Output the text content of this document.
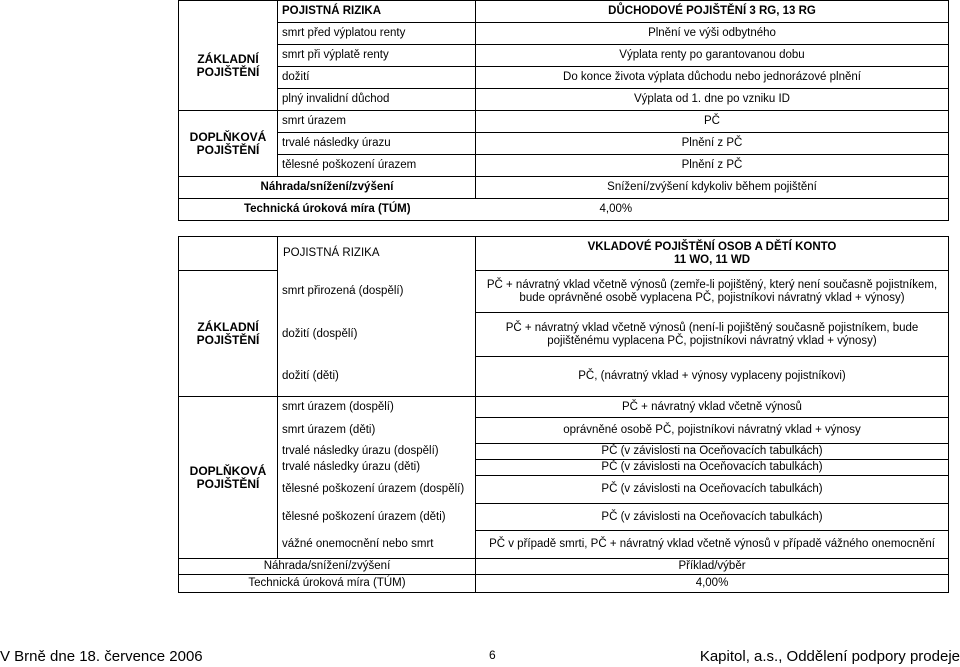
	POJISTNÁ RIZIKA	DŮCHODOVÉ POJIŠTĚNÍ 3 RG, 13 RG
ZÁKLADNÍ POJIŠTĚNÍ	smrt před výplatou renty	Plnění ve výši odbytného
	smrt při výplatě renty	Výplata renty po garantovanou dobu
	dožití	Do konce života výplata důchodu nebo jednorázové plnění
	plný invalidní důchod	Výplata od 1. dne po vzniku ID
DOPLŇKOVÁ POJIŠTĚNÍ	smrt úrazem	PČ
	trvalé následky úrazu	Plnění z PČ
	tělesné poškození úrazem	Plnění z PČ
Náhrada/snížení/zvýšení		Snížení/zvýšení kdykoliv během pojištění
Technická úroková míra (TÚM)		4,00%
	POJISTNÁ RIZIKA	VKLADOVÉ POJIŠTĚNÍ OSOB A DĚTÍ KONTO
11 WO, 11 WD

ZÁKLADNÍ POJIŠTĚNÍ	smrt přirozená (dospělí)	PČ + návratný vklad včetně výnosů (zemře-li pojištěný, který není současně pojistníkem, bude oprávněné osobě vyplacena PČ, pojistníkovi návratný vklad + výnosy)
	dožití (dospělí)	PČ + návratný vklad včetně výnosů (není-li pojištěný současně pojistníkem, bude pojištěnému vyplacena PČ, pojistníkovi návratný vklad + výnosy)
	dožití (děti)	PČ, (návratný vklad + výnosy vyplaceny pojistníkovi)
DOPLŇKOVÁ POJIŠTĚNÍ	smrt úrazem (dospělí)	PČ + návratný vklad včetně výnosů
	smrt úrazem (děti)	oprávněné osobě PČ, pojistníkovi návratný vklad + výnosy
	trvalé následky úrazu (dospělí)	PČ (v závislosti na Oceňovacích tabulkách)
	trvalé následky úrazu (děti)	PČ (v závislosti na Oceňovacích tabulkách)
	tělesné poškození úrazem (dospělí)	PČ (v závislosti na Oceňovacích tabulkách)
	tělesné poškození úrazem (děti)	PČ (v závislosti na Oceňovacích tabulkách)
	vážné onemocnění nebo smrt	PČ v případě smrti, PČ + návratný vklad včetně výnosů v případě vážného onemocnění
Náhrada/snížení/zvýšení		Příklad/výběr
Technická úroková míra (TÚM)		4,00%
V Brně dne 18. července 2006	6	Kapitol, a.s., Oddělení podpory prodeje
